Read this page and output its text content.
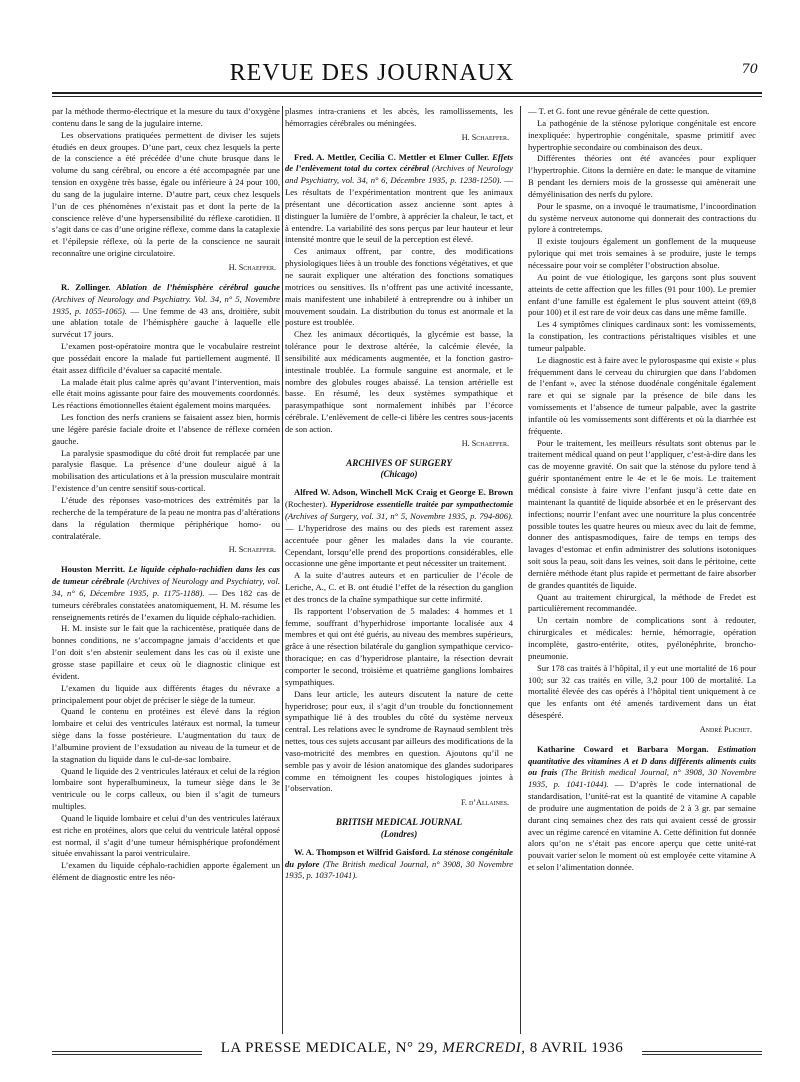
REVUE DES JOURNAUX	70

par la méthode thermo-électrique et la mesure du taux d’oxygène contenu dans le sang de la jugulaire interne.

Les observations pratiquées permettent de diviser les sujets étudiés en deux groupes. D’une part, ceux chez lesquels la perte de la conscience a été précédée d’une chute brusque dans le volume du sang cérébral, ou encore a été accompagnée par une tension en oxygène très basse, égale ou inférieure à 24 pour 100, du sang de la jugulaire interne. D’autre part, ceux chez lesquels l’un de ces phénomènes n’existait pas et dont la perte de la conscience relève d’une hypersensibilité du réflexe carotidien. Il s’agit dans ce cas d’une origine réflexe, comme dans la cataplexie et l’épilepsie réflexe, où la perte de la conscience ne saurait reconnaître une origine circulatoire.

H. Schaeffer.

R. Zollinger. Ablation de l’hémisphère cérébral gauche (Archives of Neurology and Psychiatry. Vol. 34, n° 5, Novembre 1935, p. 1055-1065). — Une femme de 43 ans, droitière, subit une ablation totale de l’hémisphère gauche à laquelle elle survécut 17 jours.

L’examen post-opératoire montra que le vocabulaire restreint que possédait encore la malade fut partiellement augmenté. Il était assez difficile d’évaluer sa capacité mentale.

La malade était plus calme après qu’avant l’intervention, mais elle était moins agissante pour faire des mouvements coordonnés. Les réactions émotionnelles étaient également moins marquées.

Les fonction des nerfs craniens se faisaient assez bien, hormis une légère parésie faciale droite et l’absence de réflexe cornéen gauche.

La paralysie spasmodique du côté droit fut remplacée par une paralysie flasque. La présence d’une douleur aiguë à la mobilisation des articulations et à la pression musculaire montrait l’existence d’un centre sensitif sous-cortical.

L’étude des réponses vaso-motrices des extrémités par la recherche de la température de la peau ne montra pas d’altérations dans la régulation thermique périphérique homo- ou contralatérale.

H. Schaeffer.

Houston Merritt. Le liquide céphalo-rachidien dans les cas de tumeur cérébrale (Archives of Neurology and Psychiatry, vol. 34, n° 6, Décembre 1935, p. 1175-1188). — Des 182 cas de tumeurs cérébrales constatées anatomiquement, H. M. résume les renseignements retirés de l’examen du liquide céphalo-rachidien.

H. M. insiste sur le fait que la rachicentèse, pratiquée dans de bonnes conditions, ne s’accompagne jamais d’accidents et que l’on doit s’en abstenir seulement dans les cas où il existe une grosse stase papillaire et ceux où le diagnostic clinique est évident.

L’examen du liquide aux différents étages du névraxe a principalement pour objet de préciser le siège de la tumeur.

Quand le contenu en protéines est élevé dans la région lombaire et celui des ventricules latéraux est normal, la tumeur siège dans la fosse postérieure. L’augmentation du taux de l’albumine provient de l’exsudation au niveau de la tumeur et de la stagnation du liquide dans le cul-de-sac lombaire.

Quand le liquide des 2 ventricules latéraux et celui de la région lombaire sont hyperalbumineux, la tumeur siège dans le 3e ventricule ou le corps calleux, ou bien il s’agit de tumeurs multiples.

Quand le liquide lombaire et celui d’un des ventricules latéraux est riche en protéines, alors que celui du ventricule latéral opposé est normal, il s’agit d’une tumeur hémisphérique profondément située envahissant la paroi ventriculaire.

L’examen du liquide céphalo-rachidien apporte également un élément de diagnostic entre les néo-

plasmes intra-craniens et les abcès, les ramollissements, les hémorragies cérébrales ou méningées.

H. Schaeffer.

Fred. A. Mettler, Cecilia C. Mettler et Elmer Culler. Effets de l’enlèvement total du cortex cérébral (Archives of Neurology and Psychiatry, vol. 34, n° 6, Décembre 1935, p. 1238-1250). — Les résultats de l’expérimentation montrent que les animaux présentant une décortication assez ancienne sont aptes à distinguer la lumière de l’ombre, à apprécier la chaleur, le tact, et à entendre. La variabilité des sons perçus par leur hauteur et leur intensité montre que le seuil de la perception est élevé.

Ces animaux offrent, par contre, des modifications physiologiques liées à un trouble des fonctions végétatives, et que ne saurait expliquer une altération des fonctions somatiques motrices ou sensitives. Ils n’offrent pas une activité incessante, mais manifestent une inhabileté à entreprendre ou à inhiber un mouvement soudain. La distribution du tonus est anormale et la posture est troublée.

Chez les animaux décortiqués, la glycémie est basse, la tolérance pour le dextrose altérée, la calcémie élevée, la sensibilité aux médicaments augmentée, et la fonction gastro-intestinale troublée. La formule sanguine est anormale, et le nombre des globules rouges abaissé. La tension artérielle est basse. En résumé, les deux systèmes sympathique et parasympathique sont normalement inhibés par l’écorce cérébrale. L’enlèvement de celle-ci libère les centres sous-jacents de son action.

H. Schaeffer.
ARCHIVES OF SURGERY
(Chicago)

Alfred W. Adson, Winchell McK Craig et George E. Brown (Rochester). Hyperidrose essentielle traitée par sympathectomie (Archives of Surgery, vol. 31, n° 5, Novembre 1935, p. 794-806). — L’hyperidrose des mains ou des pieds est rarement assez accentuée pour gêner les malades dans la vie courante. Cependant, lorsqu’elle prend des proportions considérables, elle occasionne une gêne importante et peut nécessiter un traitement.

A la suite d’autres auteurs et en particulier de l’école de Leriche, A., C. et B. ont étudié l’effet de la résection du ganglion et des troncs de la chaîne sympathique sur cette infirmité.

Ils rapportent l’observation de 5 malades: 4 hommes et 1 femme, souffrant d’hyperhidrose importante localisée aux 4 membres et qui ont été guéris, au niveau des membres supérieurs, grâce à une résection bilatérale du ganglion sympathique cervico-thoracique; en cas d’hyperidrose plantaire, la résection devrait comporter le second, troisième et quatrième ganglions lombaires sympathiques.

Dans leur article, les auteurs discutent la nature de cette hyperidrose; pour eux, il s’agit d’un trouble du fonctionnement sympathique lié à des troubles du côté du système nerveux central. Les relations avec le syndrome de Raynaud semblent très nettes, tous ces sujets accusant par ailleurs des modifications de la vaso-motricité des membres en question. Ajoutons qu’il ne semble pas y avoir de lésion anatomique des glandes sudoripares comme en témoignent les coupes histologiques jointes à l’observation.

F. d’Allaines.
BRITISH MEDICAL JOURNAL
(Londres)

W. A. Thompson et Wilfrid Gaisford. La sténose congénitale du pylore (The British medical Journal, n° 3908, 30 Novembre 1935, p. 1037-1041).

— T. et G. font une revue générale de cette question.

La pathogénie de la sténose pylorique congénitale est encore inexpliquée: hypertrophie congénitale, spasme primitif avec hypertrophie secondaire ou combinaison des deux.

Différentes théories ont été avancées pour expliquer l’hypertrophie. Citons la dernière en date: le manque de vitamine B pendant les derniers mois de la grossesse qui amènerait une démyélinisation des nerfs du pylore.

Pour le spasme, on a invoqué le traumatisme, l’incoordination du système nerveux autonome qui donnerait des contractions du pylore à contretemps.

Il existe toujours également un gonflement de la muqueuse pylorique qui met trois semaines à se produire, juste le temps nécessaire pour voir se compléter l’obstruction absolue.

Au point de vue étiologique, les garçons sont plus souvent atteints de cette affection que les filles (91 pour 100). Le premier enfant d’une famille est également le plus souvent atteint (69,8 pour 100) et il est rare de voir deux cas dans une même famille.

Les 4 symptômes cliniques cardinaux sont: les vomissements, la constipation, les contractions péristaltiques visibles et une tumeur palpable.

Le diagnostic est à faire avec le pylorospasme qui existe « plus fréquemment dans le cerveau du chirurgien que dans l’abdomen de l’enfant », avec la sténose duodénale congénitale également rare et qui se signale par la présence de bile dans les vomissements et l’absence de tumeur palpable, avec la gastrite infantile où les vomissements sont différents et où la diarrhée est fréquente.

Pour le traitement, les meilleurs résultats sont obtenus par le traitement médical quand on peut l’appliquer, c’est-à-dire dans les cas de moyenne gravité. On sait que la sténose du pylore tend à guérir spontanément entre le 4e et le 6e mois. Le traitement médical consiste à faire vivre l’enfant jusqu’à cette date en maintenant la quantité de liquide absorbée et en le préservant des infections; nourrir l’enfant avec une nourriture la plus concentrée possible toutes les quatre heures ou mieux avec du lait de femme, donner des antispasmodiques, faire de temps en temps des lavages d’estomac et enfin administrer des solutions isotoniques soit sous la peau, soit dans les veines, soit dans le péritoine, cette dernière méthode étant plus rapide et permettant de faire absorber de grandes quantités de liquide.

Quant au traitement chirurgical, la méthode de Fredet est particulièrement recommandée.

Un certain nombre de complications sont à redouter, chirurgicales et médicales: hernie, hémorragie, opération incomplète, gastro-entérite, otites, pyélonéphrite, broncho-pneumonie.

Sur 178 cas traités à l’hôpital, il y eut une mortalité de 16 pour 100; sur 32 cas traités en ville, 3,2 pour 100 de mortalité. La mortalité élevée des cas opérés à l’hôpital tient uniquement à ce que les enfants ont été amenés tardivement dans un état désespéré.

André Plichet.

Katharine Coward et Barbara Morgan. Estimation quantitative des vitamines A et D dans différents aliments cuits ou frais (The British medical Journal, n° 3908, 30 Novembre 1935, p. 1041-1044). — D’après le code international de standardisation, l’unité-rat est la quantité de vitamine A capable de produire une augmentation de poids de 2 à 3 gr. par semaine durant cinq semaines chez des rats qui avaient cessé de grossir avec un régime carencé en vitamine A. Cette définition fut donnée alors qu’on ne s’était pas encore aperçu que cette unité-rat pouvait varier selon le moment où est employée cette vitamine A et selon l’alimentation donnée.

LA PRESSE MEDICALE, N° 29, MERCREDI, 8 AVRIL 1936
